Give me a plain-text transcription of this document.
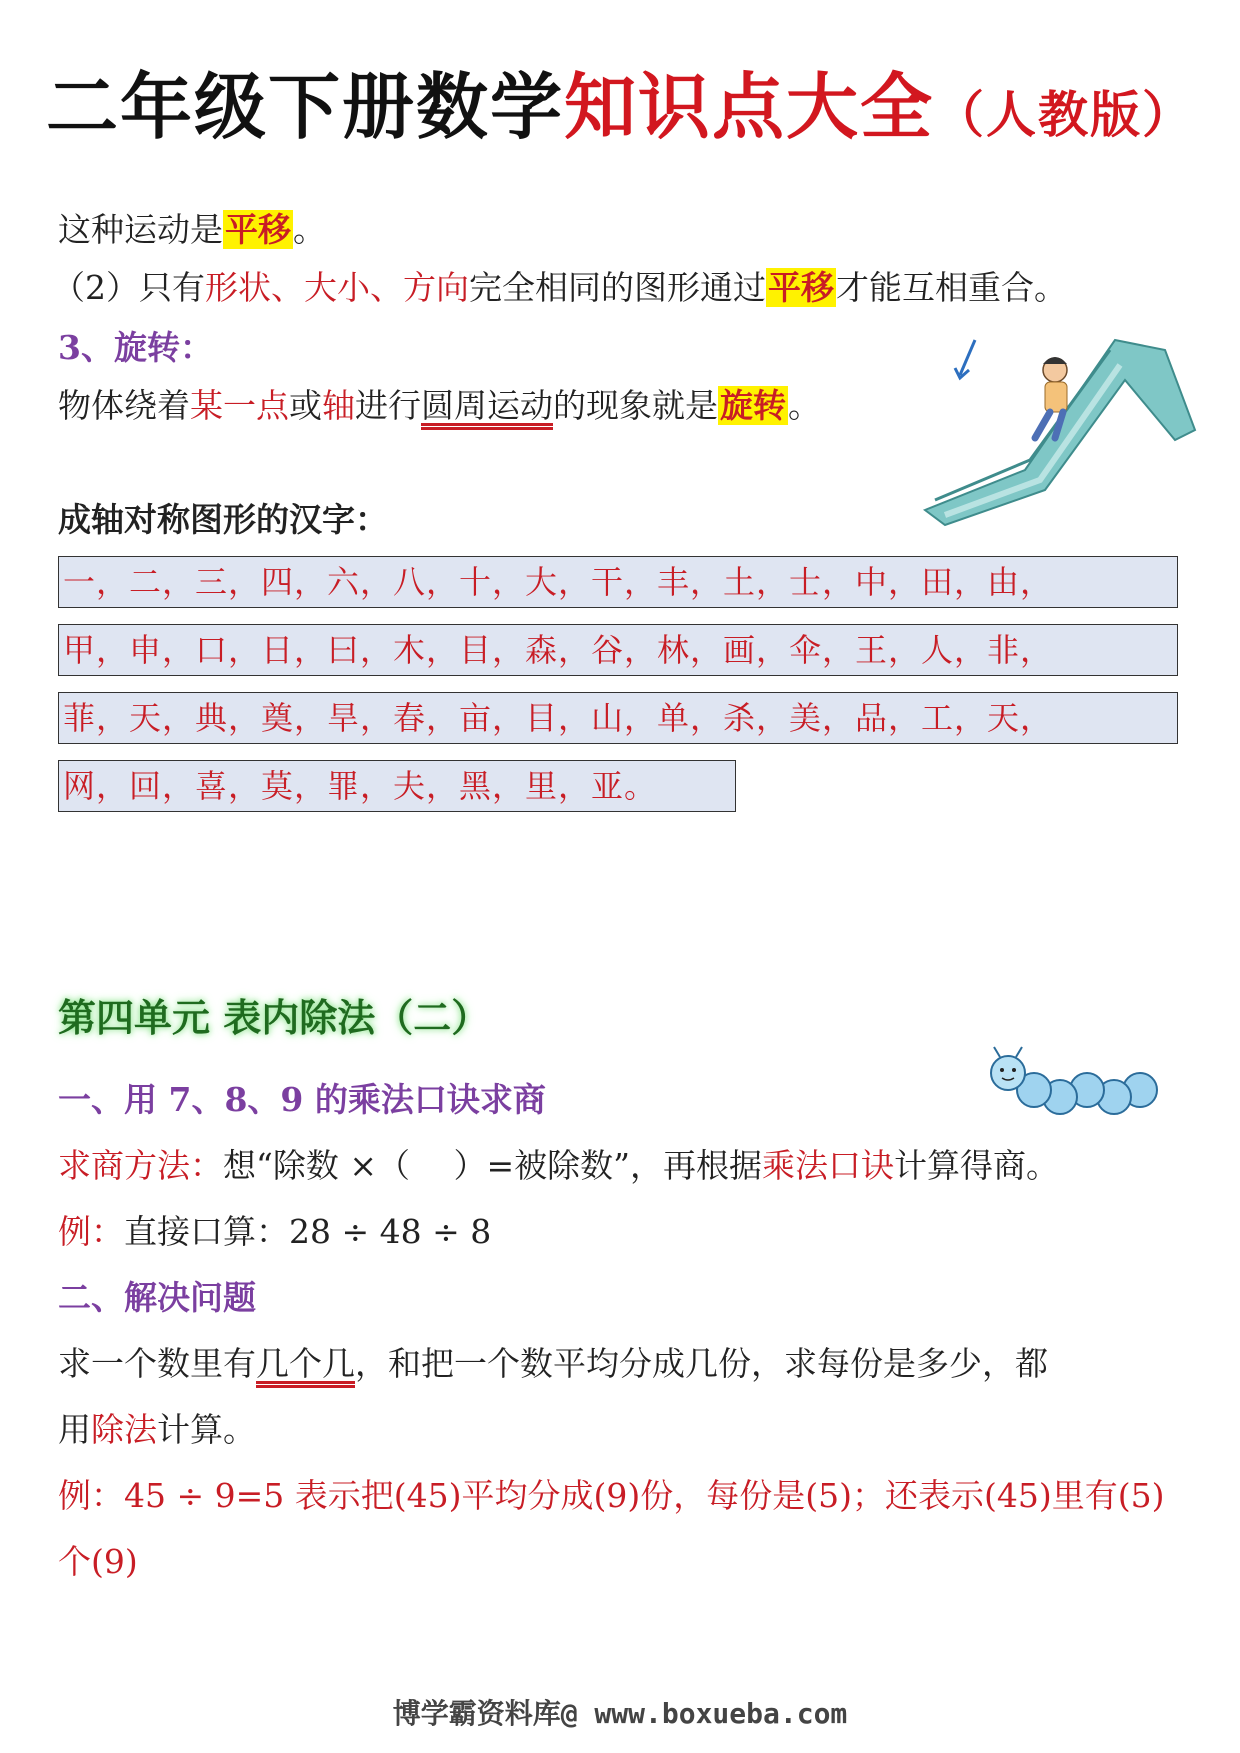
二年级下册数学知识点大全（人教版）
这种运动是平移。
（2）只有形状、大小、方向完全相同的图形通过平移才能互相重合。
3、旋转：
物体绕着某一点或轴进行圆周运动的现象就是旋转。
成轴对称图形的汉字：
一，二，三，四，六，八，十，大，干，丰，土，士，中，田，由，
甲，申，口，日，曰，木，目，森，谷，林，画，伞，王，人，非，
菲，天，典，奠，旱，春，亩，目，山，单，杀，美，品，工，天，
网，回，喜，莫，罪，夫，黑，里，亚。
第四单元 表内除法（二）
一、用 7、8、9 的乘法口诀求商
求商方法：想“除数 ×（　 ）=被除数”，再根据乘法口诀计算得商。
例：直接口算：28 ÷ 48 ÷ 8
二、解决问题
求一个数里有几个几，和把一个数平均分成几份，求每份是多少，都
用除法计算。
例：45 ÷ 9=5 表示把(45)平均分成(9)份，每份是(5)；还表示(45)里有(5)
个(9)
博学霸资料库@ www.boxueba.com
